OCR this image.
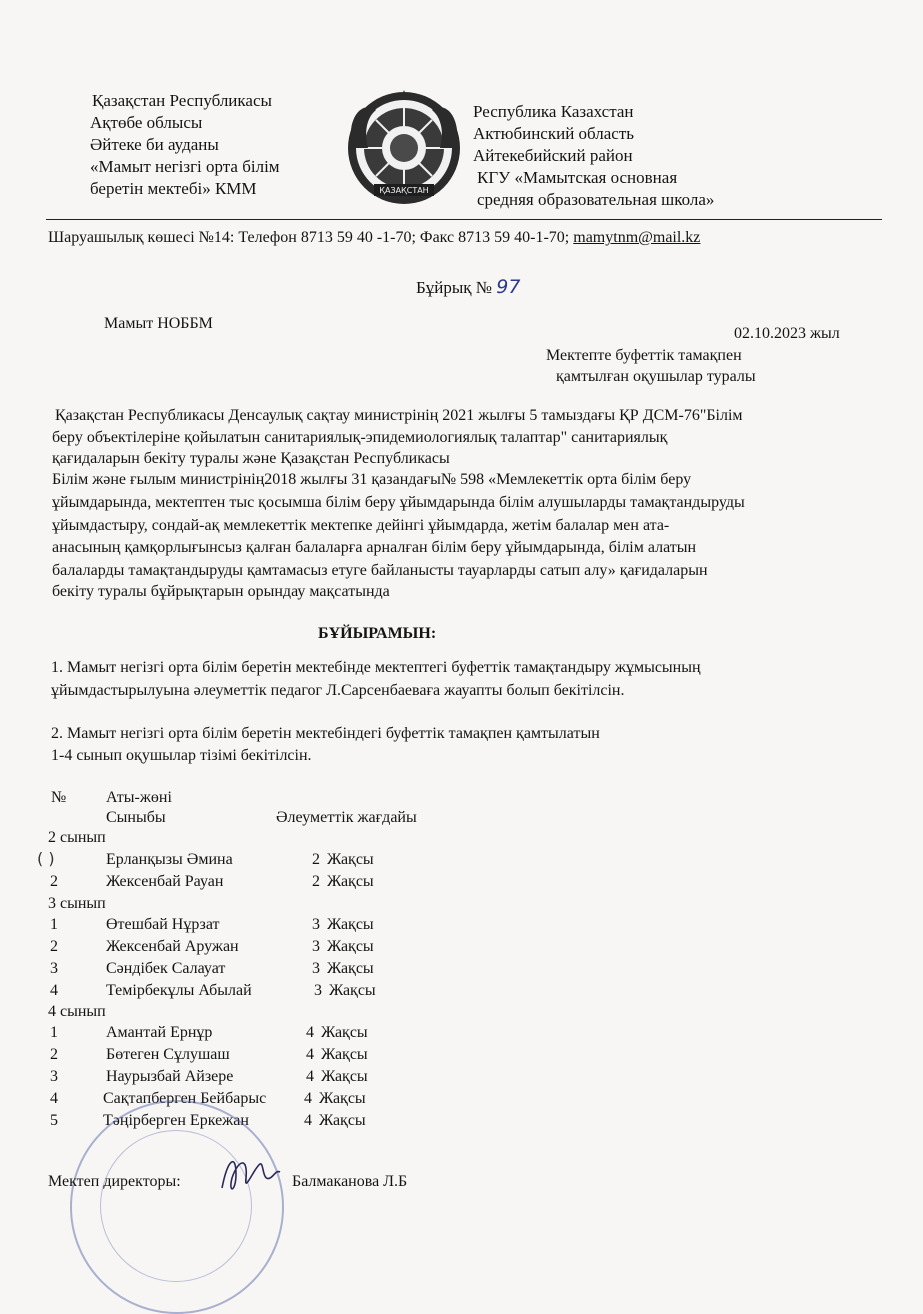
Қазақстан Республикасы
Ақтөбе облысы
Әйтеке би ауданы
«Мамыт негізгі орта білім
беретін мектебі» КММ	ҚАЗАҚСТАН
Республика Казахстан
Актюбинский область
Айтекебийский район
КГУ «Мамытская основная
средняя образовательная школа»
Шаруашылық көшесі №14: Телефон 8713 59 40 -1-70; Факс 8713 59 40-1-70; mamytnm@mail.kz
Бұйрық № 97
Мамыт НОББМ
02.10.2023 жыл
Мектепте буфеттік тамақпен
қамтылған оқушылар туралы
Қазақстан Республикасы Денсаулық сақтау министрінің 2021 жылғы 5 тамыздағы ҚР ДСМ-76"Білім
беру объектілеріне қойылатын санитариялық-эпидемиологиялық талаптар" санитариялық
қағидаларын бекіту туралы және Қазақстан Республикасы
Білім және ғылым министрінің2018 жылғы 31 қазандағы№ 598 «Мемлекеттік орта білім беру
ұйымдарында, мектептен тыс қосымша білім беру ұйымдарында білім алушыларды тамақтандыруды
ұйымдастыру, сондай-ақ мемлекеттік мектепке дейінгі ұйымдарда, жетім балалар мен ата-
анасының қамқорлығынсыз қалған балаларға арналған білім беру ұйымдарында, білім алатын
балаларды тамақтандыруды қамтамасыз етуге байланысты тауарларды сатып алу» қағидаларын
бекіту туралы бұйрықтарын орындау мақсатында
БҰЙЫРАМЫН:
1. Мамыт негізгі орта білім беретін мектебінде мектептегі буфеттік тамақтандыру жұмысының
ұйымдастырылуына әлеуметтік педагог Л.Сарсенбаеваға жауапты болып бекітілсін.
2. Мамыт негізгі орта білім беретін мектебіндегі буфеттік тамақпен қамтылатын
1-4 сынып оқушылар тізімі бекітілсін.
№ Аты-жөні
Сыныбы	Әлеуметтік жағдайы
2 сынып
( )	Ерланқызы Әмина	2 Жақсы
2	Жексенбай Рауан	2 Жақсы
3 сынып
1	Өтешбай Нұрзат	3 Жақсы
2	Жексенбай Аружан	3 Жақсы
3	Сәндібек Салауат	3 Жақсы
4	Темірбекұлы Абылай	3 Жақсы
4 сынып
1	Амантай Ернұр	4 Жақсы
2	Бөтеген Сұлушаш	4 Жақсы
3	Наурызбай Айзере	4 Жақсы
4	Сақтапберген Бейбарыс 4 Жақсы
5	Тәңірберген Еркежан	4 Жақсы
Мектеп директоры:	Балмаканова Л.Б
